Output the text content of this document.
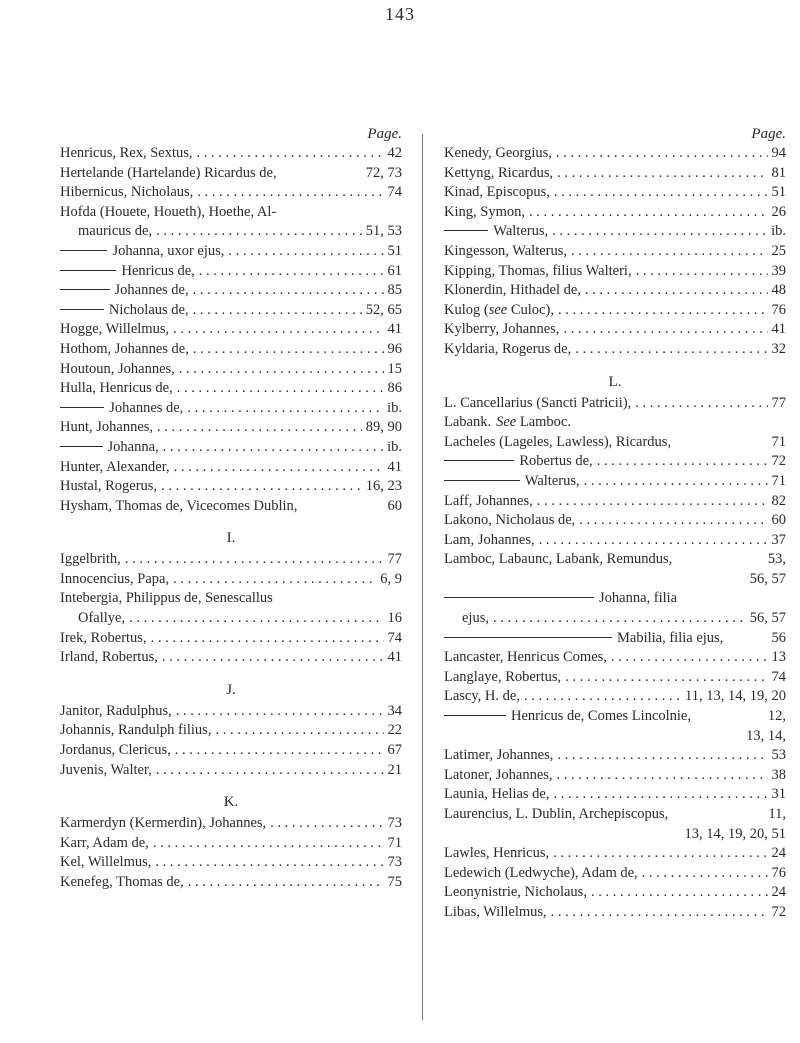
143
Page.
Henricus, Rex, Sextus, . . .	42
Hertelande (Hartelande) Ricardus de,	72, 73
Hibernicus, Nicholaus, . . .	74
Hofda (Houete, Houeth), Hoethe, Al-
mauricus de, . . .	51, 53
Johanna, uxor ejus, . . .	51
Henricus de, . . .	61
Johannes de, . . .	85
Nicholaus de, . . .	52, 65
Hogge, Willelmus, . . .	41
Hothom, Johannes de, . . .	96
Houtoun, Johannes, . . .	15
Hulla, Henricus de, . . .	86
Johannes de, . . .	ib.
Hunt, Johannes, . . .	89, 90
Johanna, . . .	ib.
Hunter, Alexander, . . .	41
Hustal, Rogerus, . . .	16, 23
Hysham, Thomas de, Vicecomes Dublin,	60
I.
Iggelbrith, . . .	77
Innocencius, Papa, . . .	6, 9
Intebergia, Philippus de, Senescallus
Ofallye, . . .	16
Irek, Robertus, . . .	74
Irland, Robertus, . . .	41
J.
Janitor, Radulphus, . . .	34
Johannis, Randulph filius, . . .	22
Jordanus, Clericus, . . .	67
Juvenis, Walter, . . .	21
K.
Karmerdyn (Kermerdin), Johannes, . . .	73
Karr, Adam de, . . .	71
Kel, Willelmus, . . .	73
Kenefeg, Thomas de, . . .	75
Page.
Kenedy, Georgius, . . .	94
Kettyng, Ricardus, . . .	81
Kinad, Episcopus, . . .	51
King, Symon, . . .	26
Walterus, . . .	ib.
Kingesson, Walterus, . . .	25
Kipping, Thomas, filius Walteri, . . .	39
Klonerdin, Hithadel de, . . .	48
Kulog ( see Culoc), . . .	76
Kylberry, Johannes, . . .	41
Kyldaria, Rogerus de, . . .	32
L.
L. Cancellarius (Sancti Patricii), . . .	77
Labank. See Lamboc.
Lacheles (Lageles, Lawless), Ricardus,	71
Robertus de, . . .	72
Walterus, . . .	71
Laff, Johannes, . . .	82
Lakono, Nicholaus de, . . .	60
Lam, Johannes, . . .	37
Lamboc, Labaunc, Labank, Remundus,	53,
56, 57
Johanna, filia
ejus, . . .	56, 57
Mabilia, filia ejus,	56
Lancaster, Henricus Comes, . . .	13
Langlaye, Robertus, . . .	74
Lascy, H. de, . . .	11, 13, 14, 19, 20
Henricus de, Comes Lincolnie,	12,
13, 14,
Latimer, Johannes, . . .	53
Latoner, Johannes, . . .	38
Launia, Helias de, . . .	31
Laurencius, L. Dublin, Archepiscopus,	11,
13, 14, 19, 20, 51
Lawles, Henricus, . . .	24
Ledewich (Ledwyche), Adam de, . . .	76
Leonynistrie, Nicholaus, . . .	24
Libas, Willelmus, . . .	72
